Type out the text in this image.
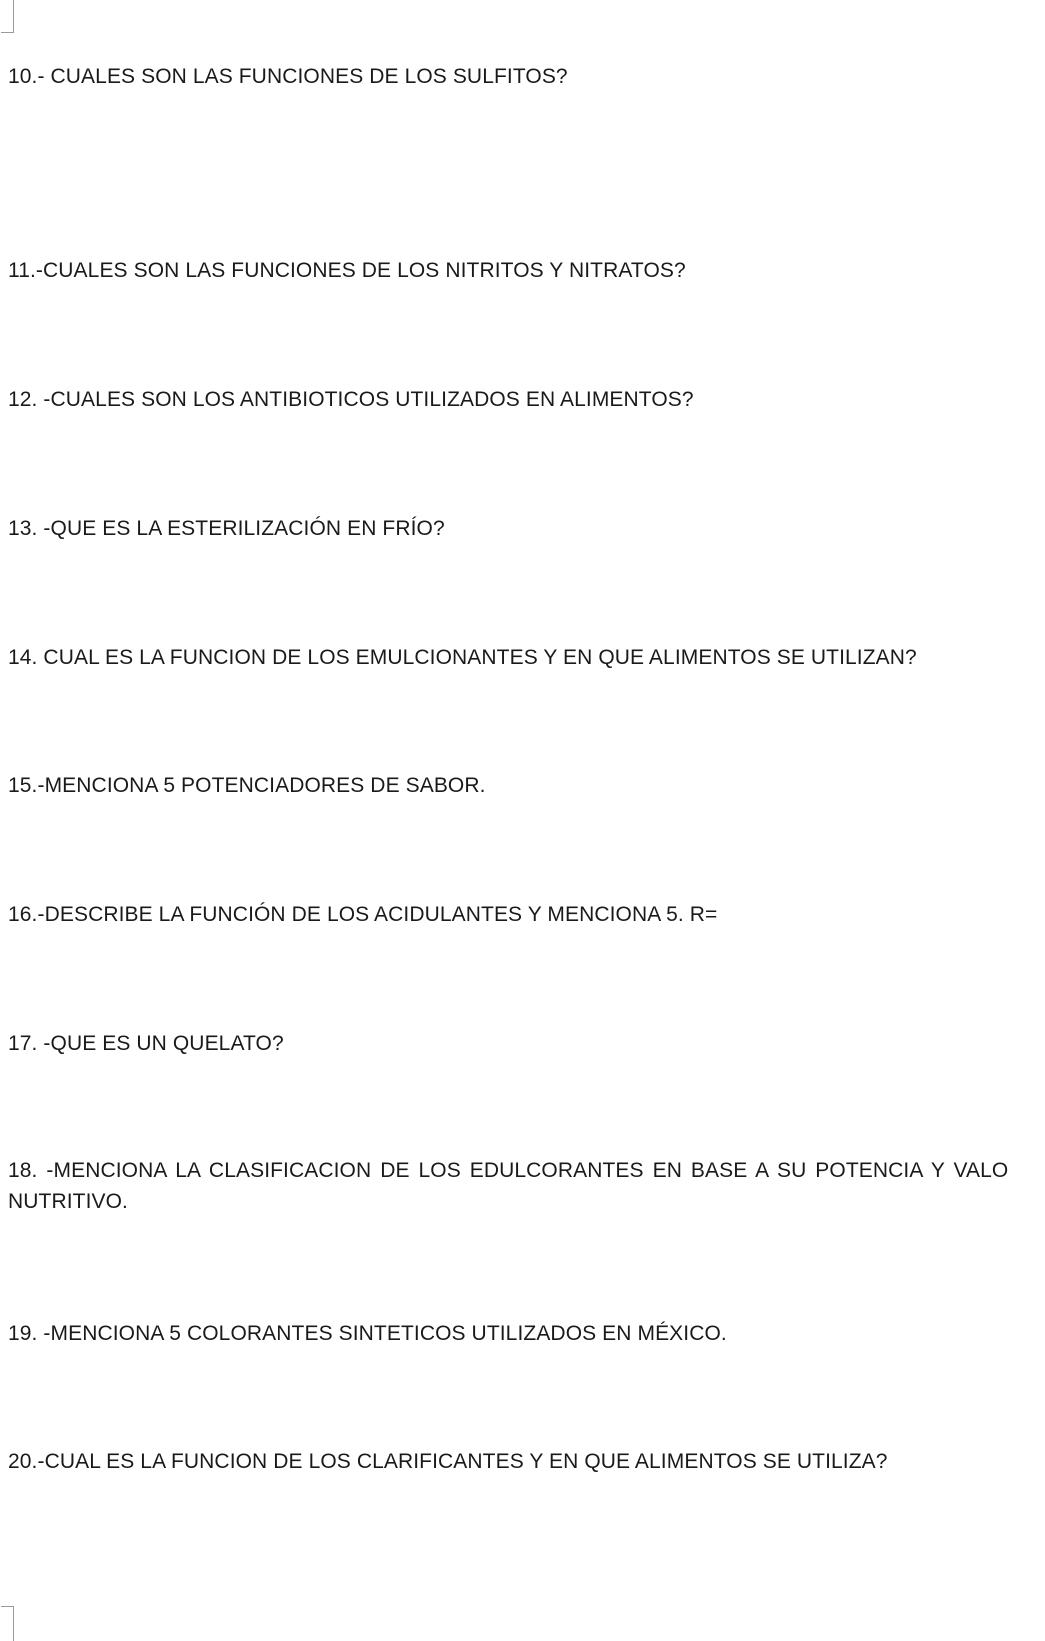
10.- CUALES SON LAS FUNCIONES DE LOS SULFITOS?

11.-CUALES SON LAS FUNCIONES DE LOS NITRITOS Y NITRATOS?

12. -CUALES SON LOS ANTIBIOTICOS UTILIZADOS EN ALIMENTOS?

13. -QUE ES LA ESTERILIZACIÓN EN FRÍO?

14. CUAL ES LA FUNCION DE LOS EMULCIONANTES Y EN QUE ALIMENTOS SE UTILIZAN?

15.-MENCIONA 5 POTENCIADORES DE SABOR.

16.-DESCRIBE LA FUNCIÓN DE LOS ACIDULANTES Y MENCIONA 5. R=

17. -QUE ES UN QUELATO?

18. -MENCIONA LA CLASIFICACION DE LOS EDULCORANTES EN BASE A SU POTENCIA Y VALO NUTRITIVO.

19. -MENCIONA 5 COLORANTES SINTETICOS UTILIZADOS EN MÉXICO.

20.-CUAL ES LA FUNCION DE LOS CLARIFICANTES Y EN QUE ALIMENTOS SE UTILIZA?
